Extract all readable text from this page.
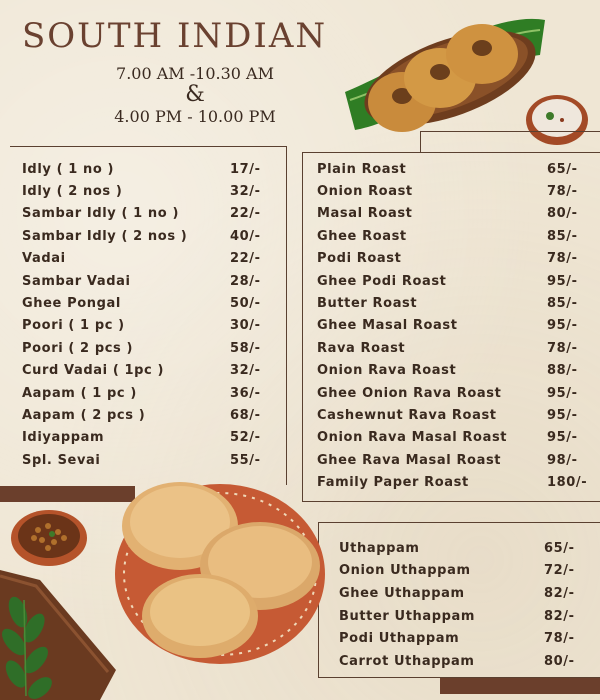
SOUTH INDIAN
7.00 AM -10.30 AM
&
4.00 PM - 10.00 PM
Idly ( 1 no )	17/-
Idly ( 2 nos )	32/-
Sambar Idly ( 1 no )	22/-
Sambar Idly ( 2 nos )	40/-
Vadai	22/-
Sambar Vadai	28/-
Ghee Pongal	50/-
Poori ( 1 pc )	30/-
Poori ( 2 pcs )	58/-
Curd Vadai ( 1pc )	32/-
Aapam ( 1 pc )	36/-
Aapam ( 2 pcs )	68/-
Idiyappam	52/-
Spl. Sevai	55/-
Plain Roast	65/-
Onion Roast	78/-
Masal Roast	80/-
Ghee Roast	85/-
Podi Roast	78/-
Ghee Podi Roast	95/-
Butter Roast	85/-
Ghee Masal Roast	95/-
Rava Roast	78/-
Onion Rava Roast	88/-
Ghee Onion Rava Roast	95/-
Cashewnut Rava Roast	95/-
Onion Rava Masal Roast	95/-
Ghee Rava Masal Roast	98/-
Family Paper Roast	180/-
Uthappam	65/-
Onion Uthappam	72/-
Ghee Uthappam	82/-
Butter Uthappam	82/-
Podi Uthappam	78/-
Carrot Uthappam	80/-
